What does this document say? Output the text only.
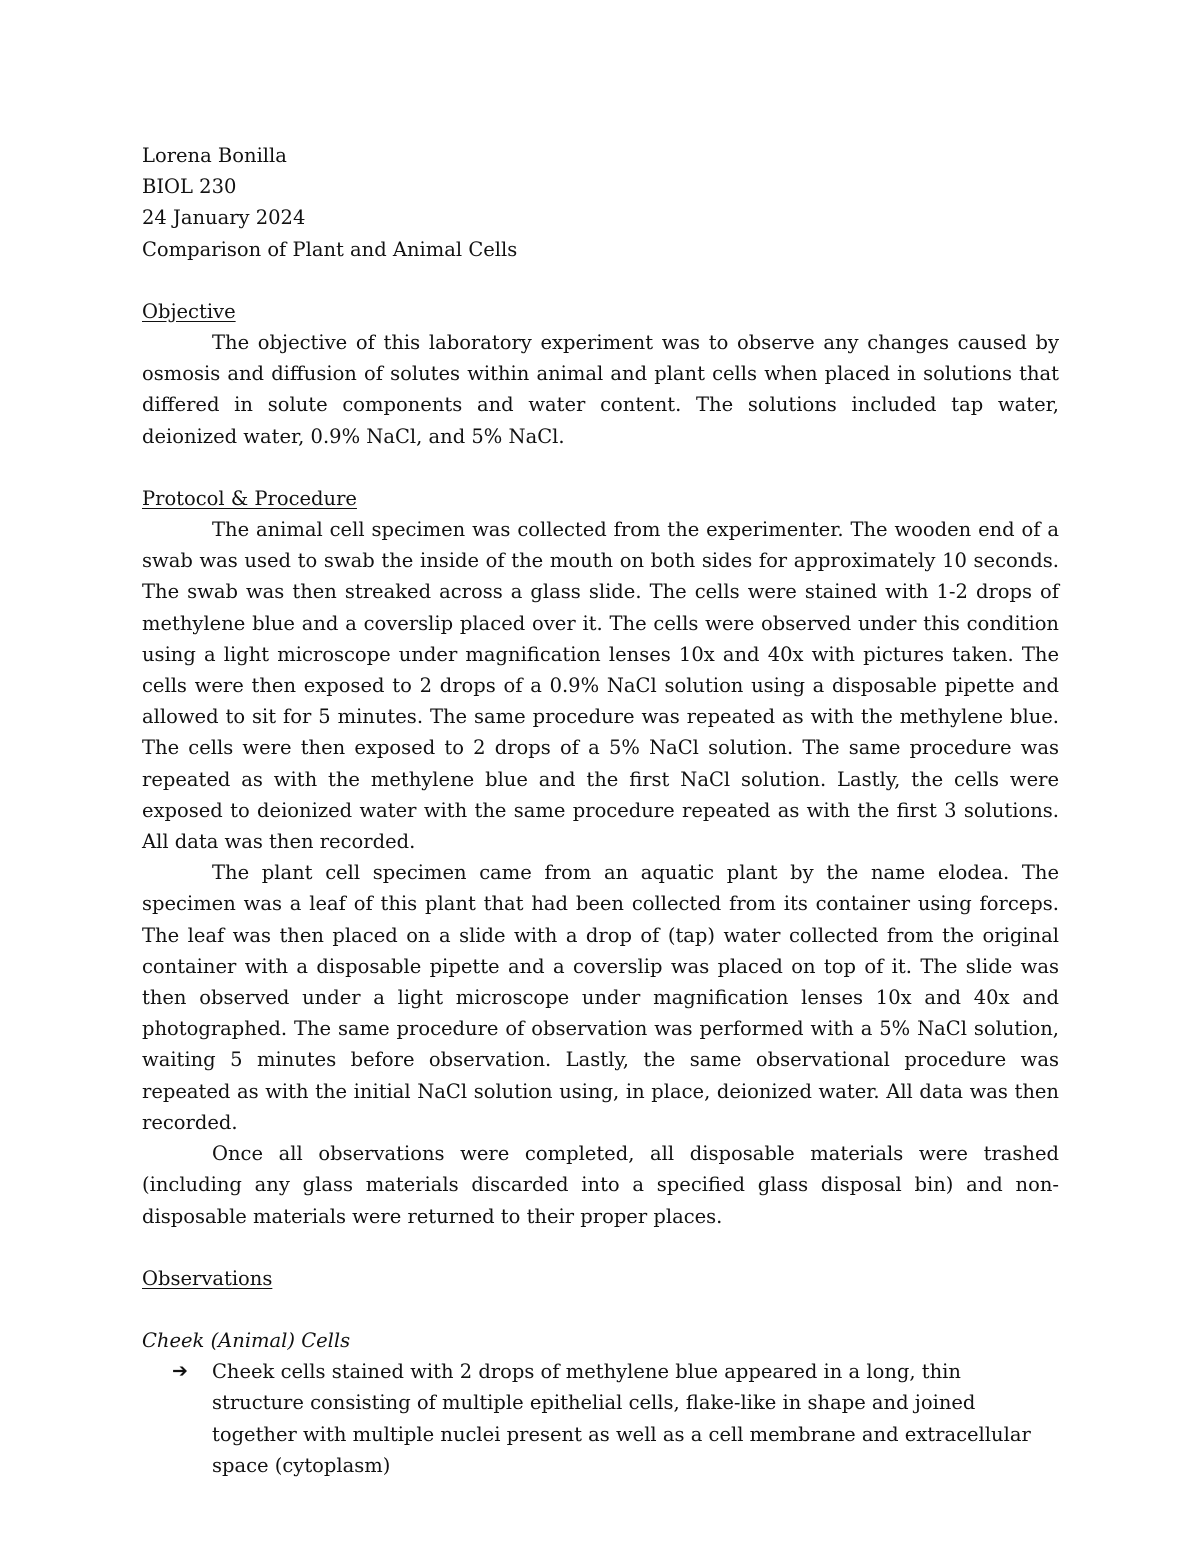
Lorena Bonilla
BIOL 230
24 January 2024
Comparison of Plant and Animal Cells
Objective

The objective of this laboratory experiment was to observe any changes caused by osmosis and diffusion of solutes within animal and plant cells when placed in solutions that differed in solute components and water content. The solutions included tap water, deionized water, 0.9% NaCl, and 5% NaCl.

Protocol & Procedure

The animal cell specimen was collected from the experimenter. The wooden end of a swab was used to swab the inside of the mouth on both sides for approximately 10 seconds. The swab was then streaked across a glass slide. The cells were stained with 1-2 drops of methylene blue and a coverslip placed over it. The cells were observed under this condition using a light microscope under magnification lenses 10x and 40x with pictures taken. The cells were then exposed to 2 drops of a 0.9% NaCl solution using a disposable pipette and allowed to sit for 5 minutes. The same procedure was repeated as with the methylene blue. The cells were then exposed to 2 drops of a 5% NaCl solution. The same procedure was repeated as with the methylene blue and the first NaCl solution. Lastly, the cells were exposed to deionized water with the same procedure repeated as with the first 3 solutions. All data was then recorded.

The plant cell specimen came from an aquatic plant by the name elodea. The specimen was a leaf of this plant that had been collected from its container using forceps. The leaf was then placed on a slide with a drop of (tap) water collected from the original container with a disposable pipette and a coverslip was placed on top of it. The slide was then observed under a light microscope under magnification lenses 10x and 40x and photographed. The same procedure of observation was performed with a 5% NaCl solution, waiting 5 minutes before observation. Lastly, the same observational procedure was repeated as with the initial NaCl solution using, in place, deionized water. All data was then recorded.

Once all observations were completed, all disposable materials were trashed (including any glass materials discarded into a specified glass disposal bin) and non-disposable materials were returned to their proper places.

Observations
Cheek (Animal) Cells
➔ Cheek cells stained with 2 drops of methylene blue appeared in a long, thin structure consisting of multiple epithelial cells, flake-like in shape and joined together with multiple nuclei present as well as a cell membrane and extracellular space (cytoplasm)
